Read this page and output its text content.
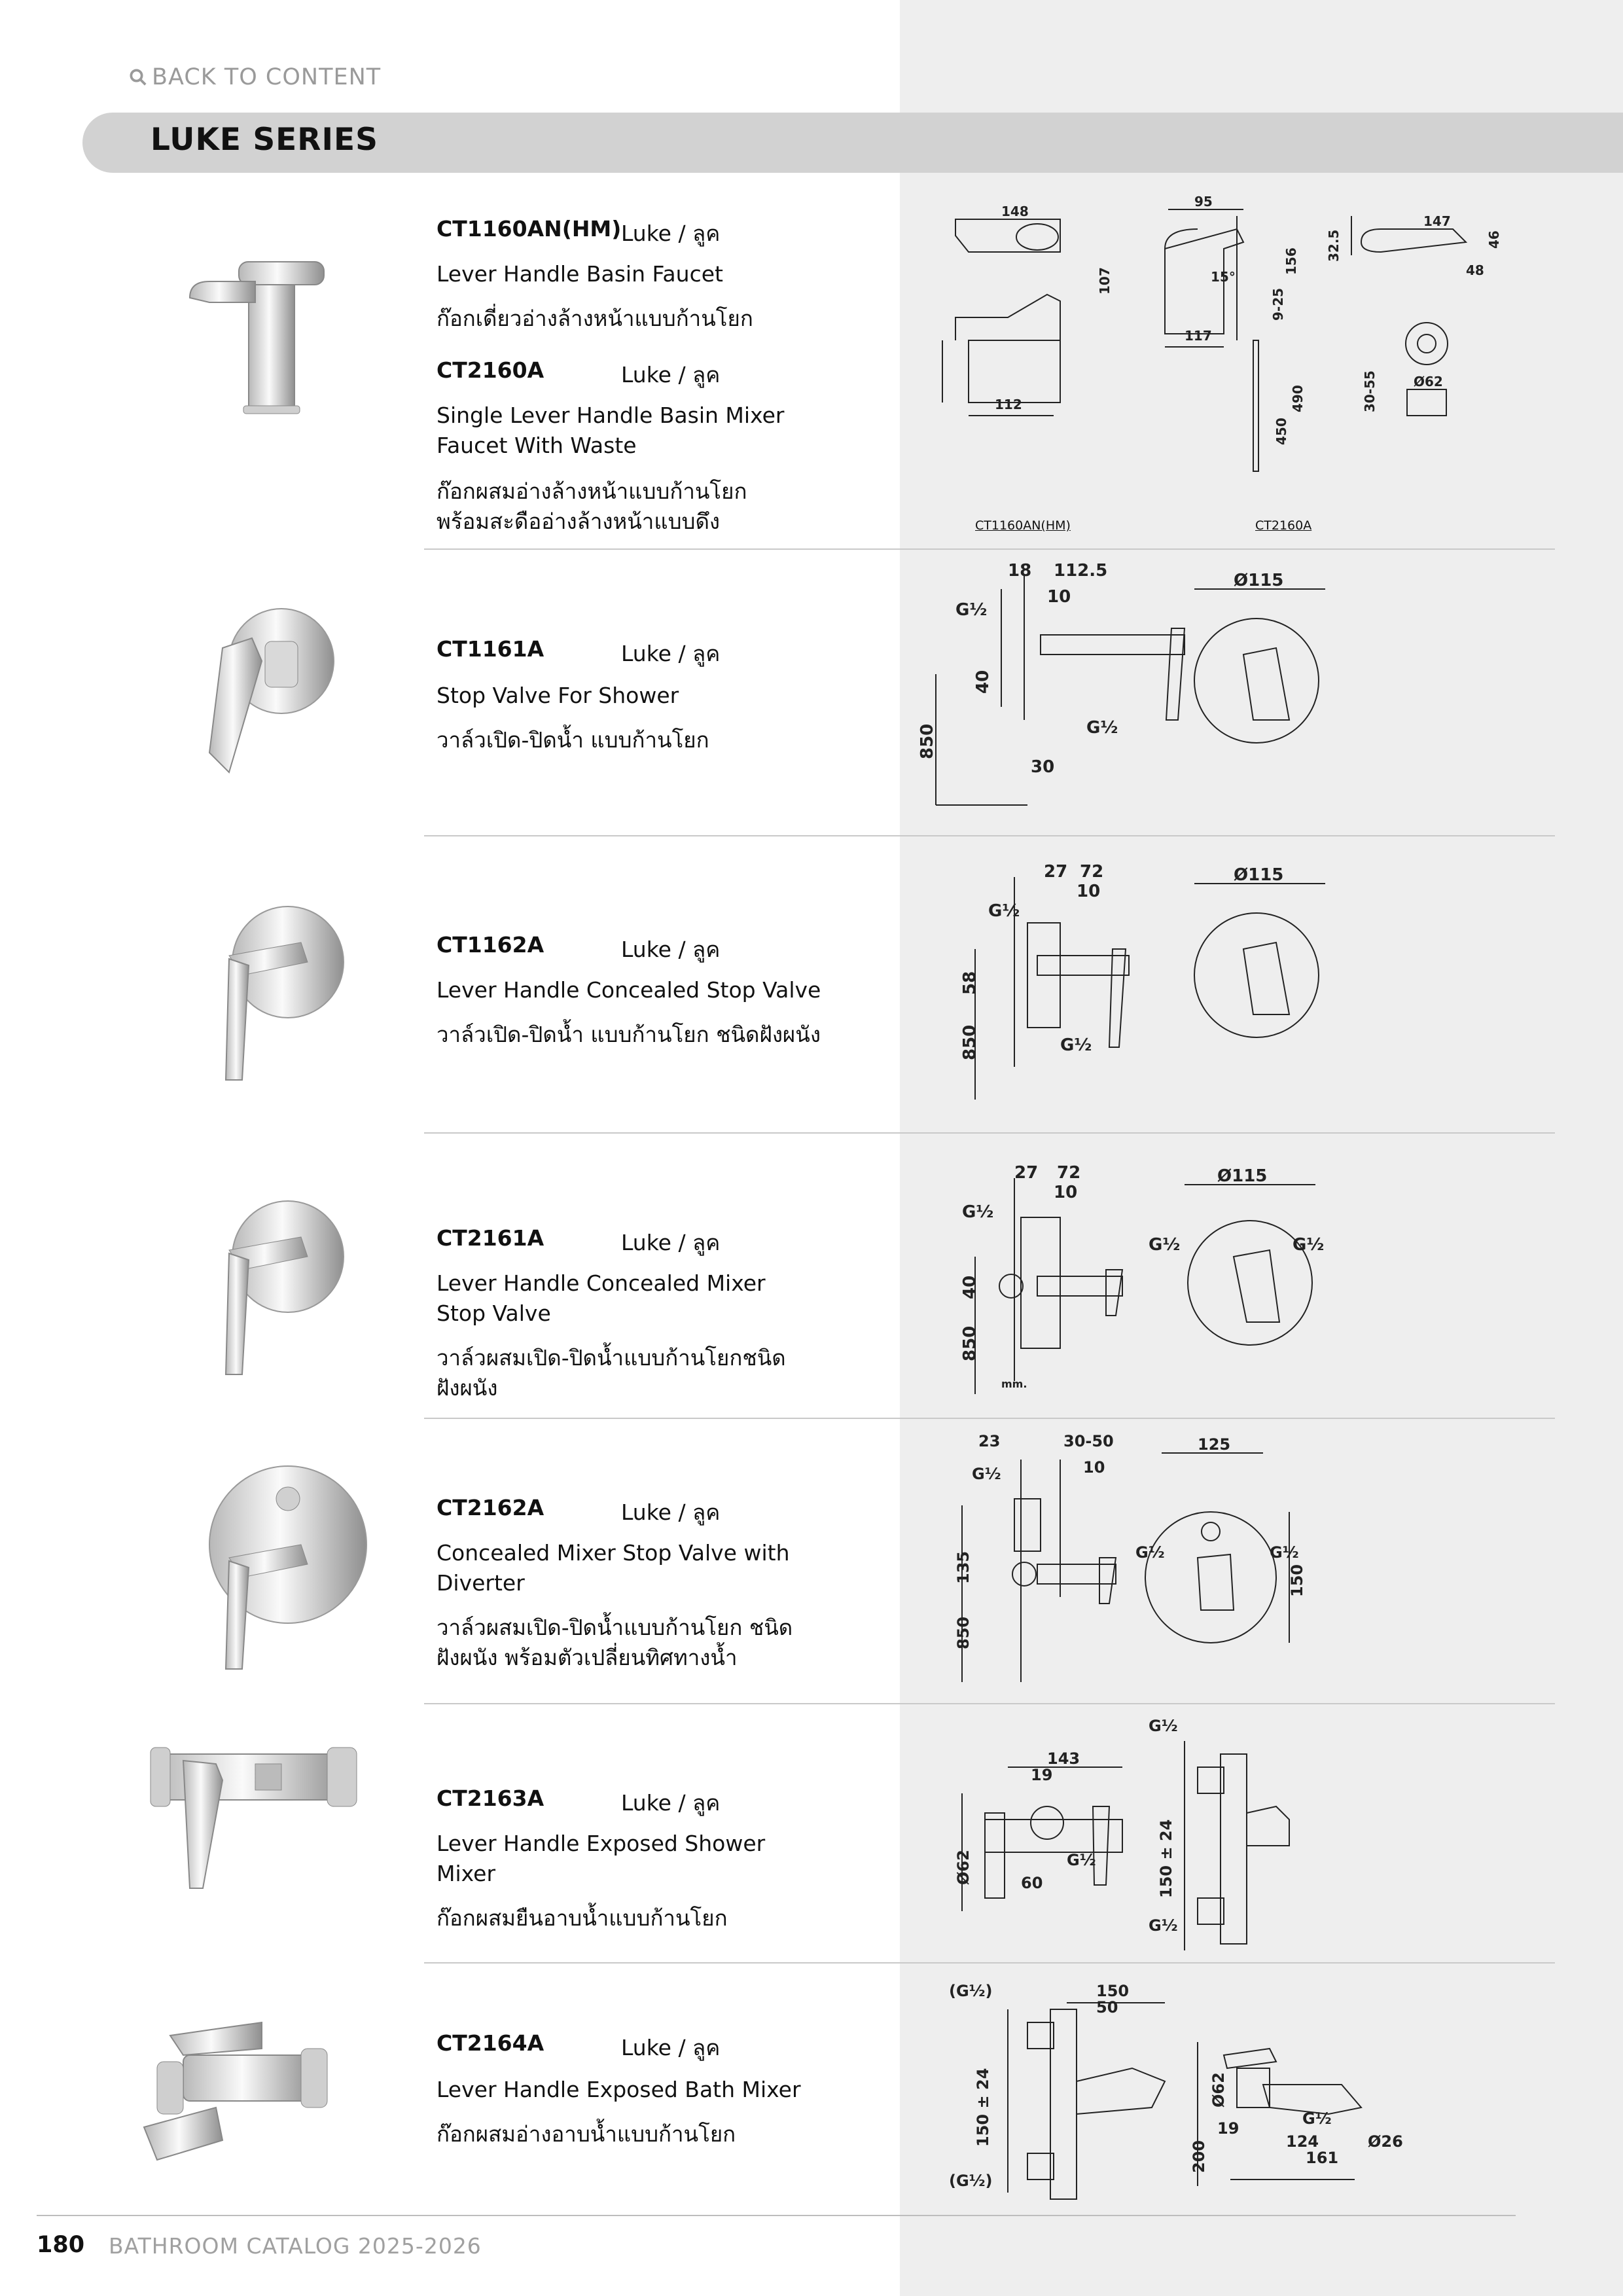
BACK TO CONTENT
LUKE SERIES
CT1160AN(HM) Luke / ลูค
Lever Handle Basin Faucet
ก๊อกเดี่ยวอ่างล้างหน้าแบบก้านโยก
CT2160A	Luke / ลูค
Single Lever Handle Basin Mixer Faucet With Waste
ก๊อกผสมอ่างล้างหน้าแบบก้านโยก พร้อมสะดืออ่างล้างหน้าแบบดึง
148
112
95
117
107
156
9-25
490
450
15°
147
32.5	46
48
Ø62
30-55
CT1160AN(HM)	CT2160A
CT1161A	Luke / ลูค
Stop Valve For Shower
วาล์วเปิด-ปิดน้ำ แบบก้านโยก
18 112.5
10
40
30
850
Ø115
G½
G½
CT1162A	Luke / ลูค
Lever Handle Concealed Stop Valve
วาล์วเปิด-ปิดน้ำ แบบก้านโยก ชนิดฝังผนัง
27 72
10
58
850
Ø115
G½
G½
CT2161A	Luke / ลูค
Lever Handle Concealed Mixer Stop Valve
วาล์วผสมเปิด-ปิดน้ำแบบก้านโยกชนิดฝังผนัง
27 72
10
40
850
Ø115
G½
G½	G½
mm.
CT2162A	Luke / ลูค
Concealed Mixer Stop Valve with Diverter
วาล์วผสมเปิด-ปิดน้ำแบบก้านโยก ชนิดฝังผนัง พร้อมตัวเปลี่ยนทิศทางน้ำ
23	30-50
10
135
850
125
150
G½
G½	G½
CT2163A	Luke / ลูค
Lever Handle Exposed Shower Mixer
ก๊อกผสมยืนอาบน้ำแบบก้านโยก
143
19
60
Ø62	150 ± 24
G½
G½
G½
CT2164A	Luke / ลูค
Lever Handle Exposed Bath Mixer
ก๊อกผสมอ่างอาบน้ำแบบก้านโยก
150
50
150 ± 24	Ø62
200
19
124
161
Ø26
(G½)
(G½)
G½
180 BATHROOM CATALOG 2025-2026
